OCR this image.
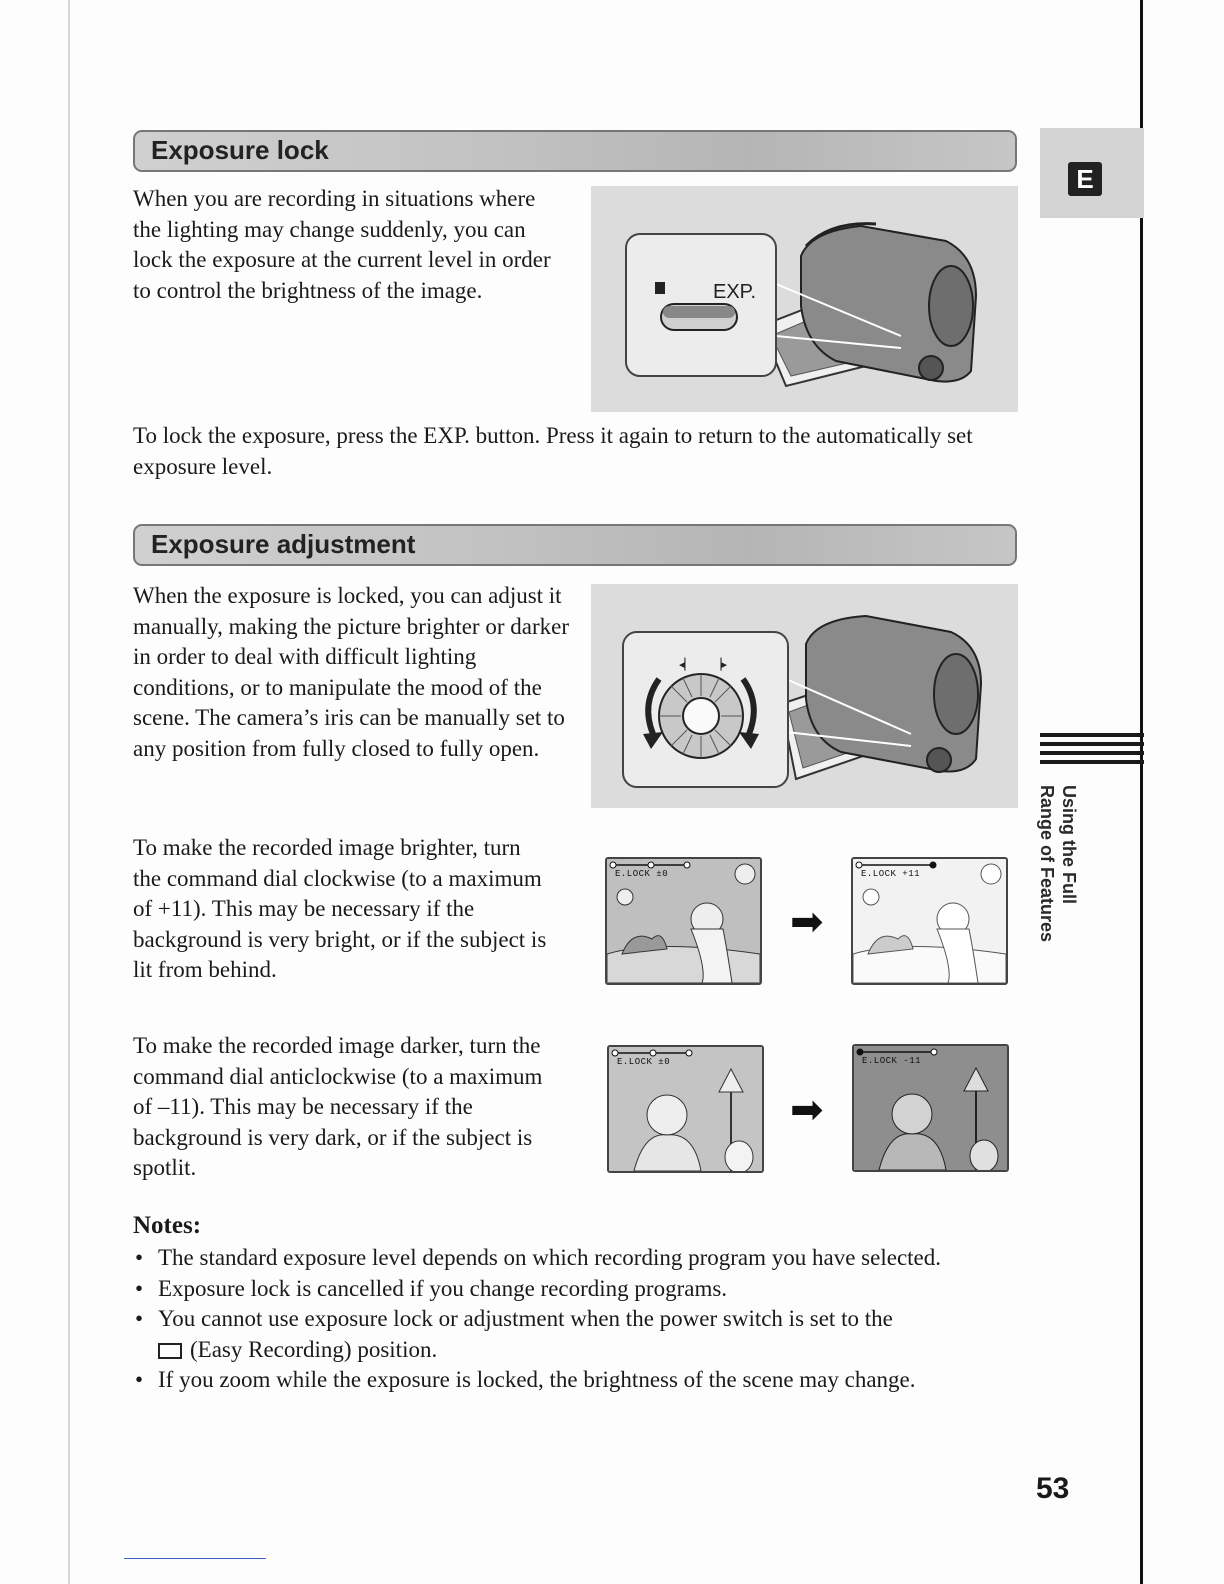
E
Using the Full
Range of Features
Exposure lock

When you are recording in situations where the lighting may change suddenly, you can lock the exposure at the current level in order to control the brightness of the image.	EXP.

To lock the exposure, press the EXP. button. Press it again to return to the automatically set exposure level.

Exposure adjustment

When the exposure is locked, you can adjust it manually, making the picture brighter or darker in order to deal with difficult lighting conditions, or to manipulate the mood of the scene. The camera’s iris can be manually set to any position from fully closed to fully open.

◂▏ ▕▸

To make the recorded image brighter, turn the command dial clockwise (to a maximum of +11). This may be necessary if the background is very bright, or if the subject is lit from behind.

E.LOCK ±0
➡
E.LOCK +11

To make the recorded image darker, turn the command dial anticlockwise (to a maximum of –11). This may be necessary if the background is very dark, or if the subject is spotlit.

E.LOCK ±0
➡
E.LOCK -11
Notes:
• The standard exposure level depends on which recording program you have selected.
• Exposure lock is cancelled if you change recording programs.
• You cannot use exposure lock or adjustment when the power switch is set to the
(Easy Recording) position.
• If you zoom while the exposure is locked, the brightness of the scene may change.
53
